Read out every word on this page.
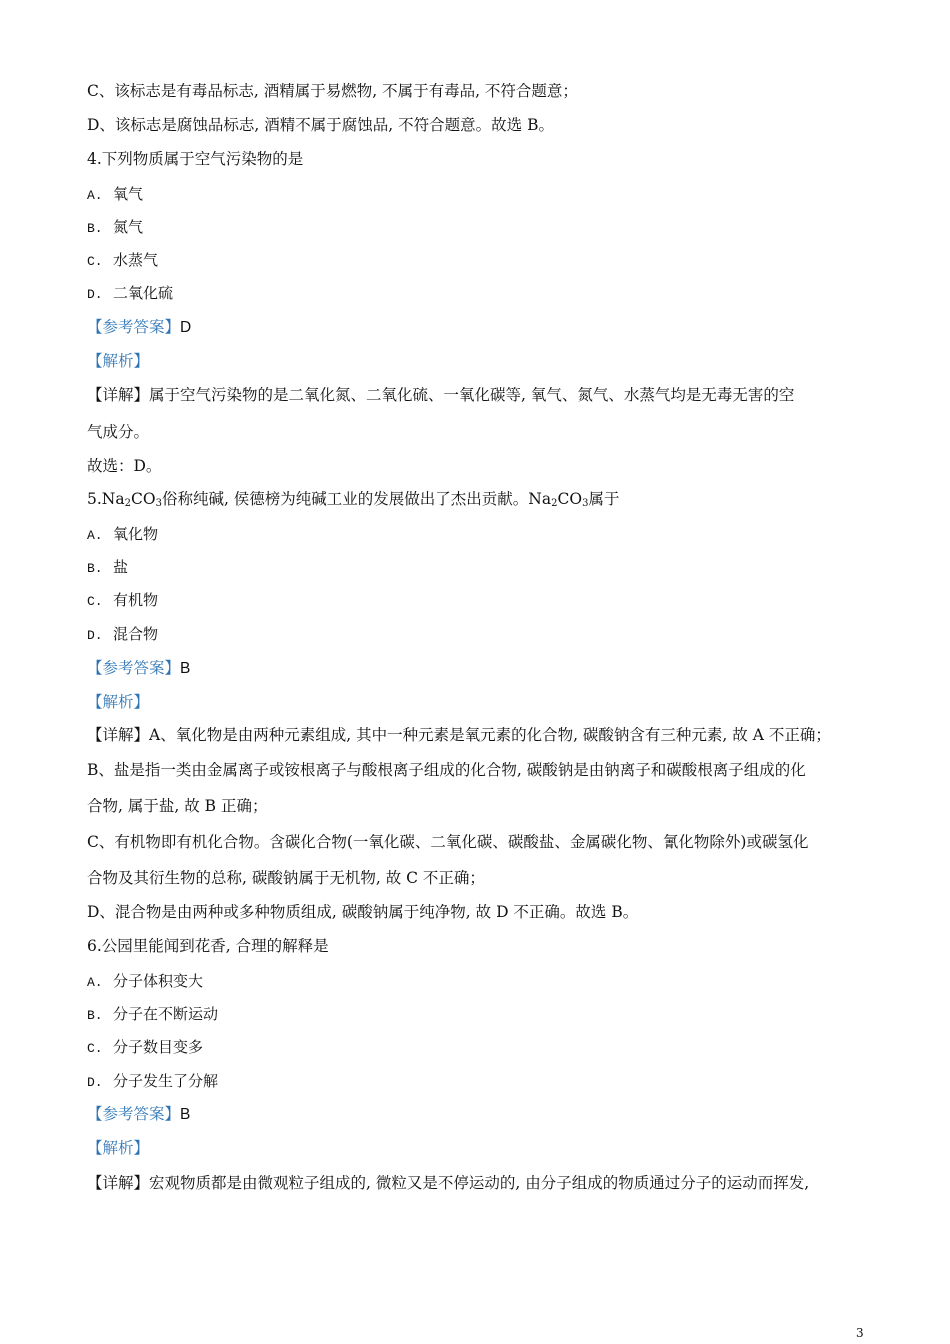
C、该标志是有毒品标志, 酒精属于易燃物, 不属于有毒品, 不符合题意；
D、该标志是腐蚀品标志, 酒精不属于腐蚀品, 不符合题意。故选 B。
4.下列物质属于空气污染物的是
A. 氧气
B. 氮气
C. 水蒸气
D. 二氧化硫
【参考答案】D
【解析】
【详解】属于空气污染物的是二氧化氮、二氧化硫、一氧化碳等, 氧气、氮气、水蒸气均是无毒无害的空
气成分。
故选：D。
$5.Na_2CO_3$俗称纯碱, 侯德榜为纯碱工业的发展做出了杰出贡献。$Na_2CO_3$属于
A. 氧化物
B. 盐
C. 有机物
D. 混合物
【参考答案】B
【解析】
【详解】A、氧化物是由两种元素组成, 其中一种元素是氧元素的化合物, 碳酸钠含有三种元素, 故 A 不正确；
B、盐是指一类由金属离子或铵根离子与酸根离子组成的化合物, 碳酸钠是由钠离子和碳酸根离子组成的化
合物, 属于盐, 故 B 正确；
C、有机物即有机化合物。含碳化合物(一氧化碳、二氧化碳、碳酸盐、金属碳化物、氰化物除外)或碳氢化
合物及其衍生物的总称, 碳酸钠属于无机物, 故 C 不正确；
D、混合物是由两种或多种物质组成, 碳酸钠属于纯净物, 故 D 不正确。故选 B。
6.公园里能闻到花香, 合理的解释是
A. 分子体积变大
B. 分子在不断运动
C. 分子数目变多
D. 分子发生了分解
【参考答案】B
【解析】
【详解】宏观物质都是由微观粒子组成的, 微粒又是不停运动的, 由分子组成的物质通过分子的运动而挥发,
3
